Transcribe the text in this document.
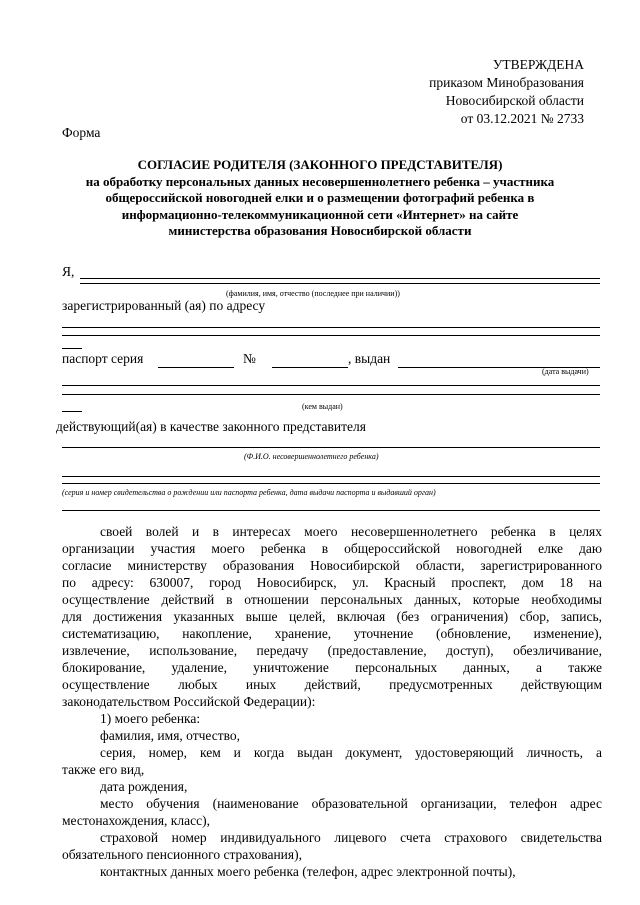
УТВЕРЖДЕНА
приказом Минобразования
Новосибирской области
от 03.12.2021 № 2733
Форма
СОГЛАСИЕ РОДИТЕЛЯ (ЗАКОННОГО ПРЕДСТАВИТЕЛЯ)
на обработку персональных данных несовершеннолетнего ребенка – участника
общероссийской новогодней елки и о размещении фотографий ребенка в
информационно-телекоммуникационной сети «Интернет» на сайте
министерства образования Новосибирской области
Я,
(фамилия, имя, отчество (последнее при наличии))
зарегистрированный (ая) по адресу
паспорт серия	№	, выдан
(дата выдачи)
(кем выдан)
действующий(ая) в качестве законного представителя
(Ф.И.О. несовершеннолетнего ребенка)
(серия и номер свидетельства о рождении или паспорта ребенка, дата выдачи паспорта и выдавший орган)

своей волей и в интересах моего несовершеннолетнего ребенка в целях

организации участия моего ребенка в общероссийской новогодней елке даю

согласие министерству образования Новосибирской области, зарегистрированного

по адресу: 630007, город Новосибирск, ул. Красный проспект, дом 18 на

осуществление действий в отношении персональных данных, которые необходимы

для достижения указанных выше целей, включая (без ограничения) сбор, запись,

систематизацию, накопление, хранение, уточнение (обновление, изменение),

извлечение, использование, передачу (предоставление, доступ), обезличивание,

блокирование, удаление, уничтожение персональных данных, а также

осуществление любых иных действий, предусмотренных действующим

законодательством Российской Федерации):

1) моего ребенка:

фамилия, имя, отчество,

серия, номер, кем и когда выдан документ, удостоверяющий личность, а

также его вид,

дата рождения,

место обучения (наименование образовательной организации, телефон адрес

местонахождения, класс),

страховой номер индивидуального лицевого счета страхового свидетельства

обязательного пенсионного страхования),

контактных данных моего ребенка (телефон, адрес электронной почты),
